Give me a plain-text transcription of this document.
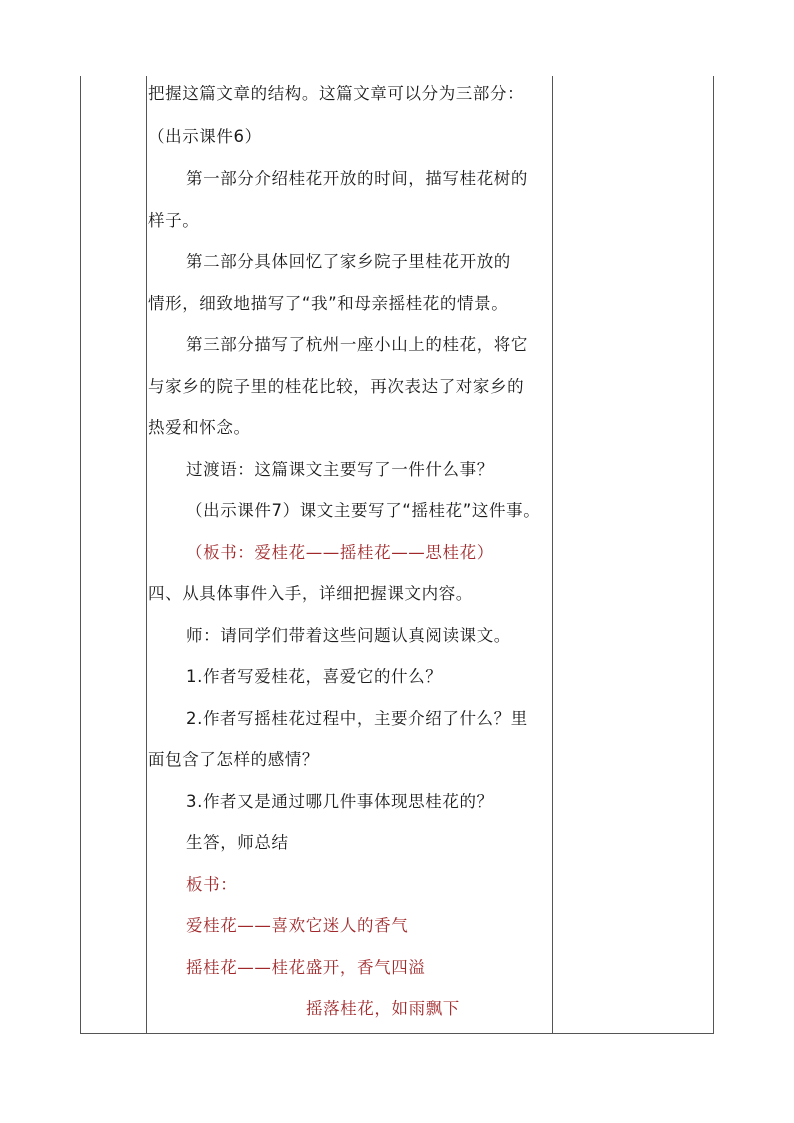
把握这篇文章的结构。这篇文章可以分为三部分：
（出示课件6）
第一部分介绍桂花开放的时间，描写桂花树的
样子。
第二部分具体回忆了家乡院子里桂花开放的
情形，细致地描写了“我”和母亲摇桂花的情景。
第三部分描写了杭州一座小山上的桂花，将它
与家乡的院子里的桂花比较，再次表达了对家乡的
热爱和怀念。
过渡语：这篇课文主要写了一件什么事？
（出示课件7）课文主要写了“摇桂花”这件事。
（板书：爱桂花——摇桂花——思桂花）
四、从具体事件入手，详细把握课文内容。
师：请同学们带着这些问题认真阅读课文。
1.作者写爱桂花，喜爱它的什么？
2.作者写摇桂花过程中，主要介绍了什么？里
面包含了怎样的感情？
3.作者又是通过哪几件事体现思桂花的？
生答，师总结
板书：
爱桂花——喜欢它迷人的香气
摇桂花——桂花盛开，香气四溢
摇落桂花，如雨飘下
